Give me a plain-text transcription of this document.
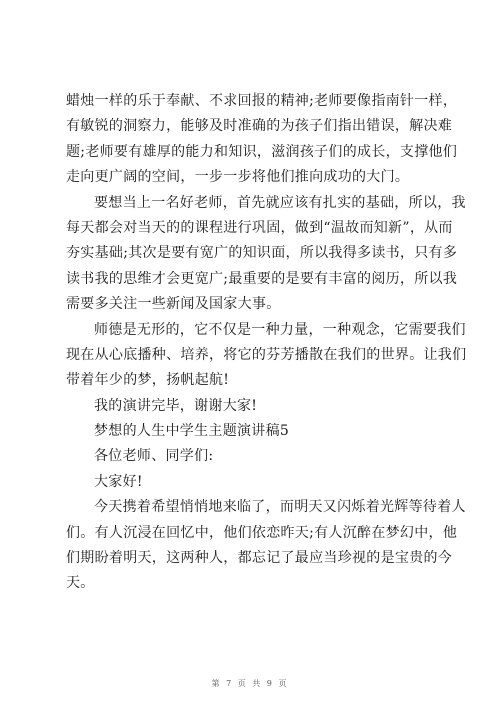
蜡烛一样的乐于奉献、不求回报的精神;老师要像指南针一样，
有敏锐的洞察力，能够及时准确的为孩子们指出错误，解决难
题;老师要有雄厚的能力和知识，滋润孩子们的成长，支撑他们
走向更广阔的空间，一步一步将他们推向成功的大门。
要想当上一名好老师，首先就应该有扎实的基础，所以，我
每天都会对当天的的课程进行巩固，做到“温故而知新”，从而
夯实基础;其次是要有宽广的知识面，所以我得多读书，只有多
读书我的思维才会更宽广;最重要的是要有丰富的阅历，所以我
需要多关注一些新闻及国家大事。
师德是无形的，它不仅是一种力量，一种观念，它需要我们
现在从心底播种、培养，将它的芬芳播散在我们的世界。让我们
带着年少的梦，扬帆起航!
我的演讲完毕，谢谢大家!
梦想的人生中学生主题演讲稿5
各位老师、同学们:
大家好!
今天携着希望悄悄地来临了，而明天又闪烁着光辉等待着人
们。有人沉浸在回忆中，他们依恋昨天;有人沉醉在梦幻中，他
们期盼着明天，这两种人，都忘记了最应当珍视的是宝贵的今
天。
第 7 页 共 9 页
